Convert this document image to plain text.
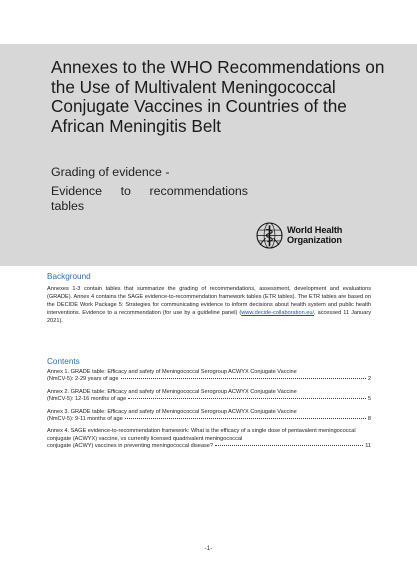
Annexes to the WHO Recommendations on the Use of Multivalent Meningococcal Conjugate Vaccines in Countries of the African Meningitis Belt
Grading of evidence -
Evidence to recommendations
tables
World Health
Organization
Background

Annexes 1-3 contain tables that summarize the grading of recommendations, assessment, development and evaluations (GRADE). Annex 4 contains the SAGE evidence-to-recommendation framework tables (ETR tables). The ETR tables are based on the DECIDE Work Package 5: Strategies for communicating evidence to inform decisions about health system and public health interventions. Evidence to a recommendation (for use by a guideline panel) (www.decide-collaboration.eu/, accessed 11 January 2021).

Contents
Annex 1. GRADE table: Efficacy and safety of Meningococcal Serogroup ACWYX Conjugate Vaccine
(NmCV-5): 2-29 years of age	2
Annex 2. GRADE table: Efficacy and safety of Meningococcal Serogroup ACWYX Conjugate Vaccine
(NmCV-5): 12-16 months of age	5
Annex 3. GRADE table: Efficacy and safety of Meningococcal Serogroup ACWYX Conjugate Vaccine
(NmCV-5): 9-11 months of age	8
Annex 4. SAGE evidence-to-recommendation framework: What is the efficacy of a single dose of pentavalent meningococcal conjugate (ACWYX) vaccine, vs currently licensed quadrivalent meningococcal
conjugate (ACWY) vaccines in preventing meningococcal disease?	11
-1-
